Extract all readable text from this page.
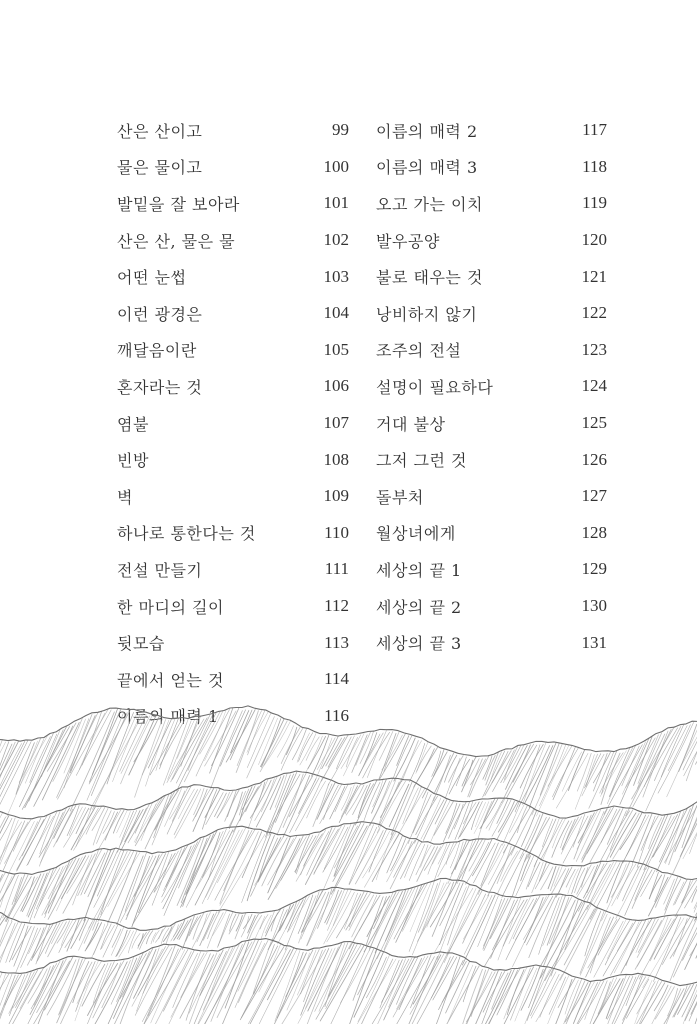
산은 산이고	99
물은 물이고	100
발밑을 잘 보아라	101
산은 산, 물은 물	102
어떤 눈썹	103
이런 광경은	104
깨달음이란	105
혼자라는 것	106
염불	107
빈방	108
벽	109
하나로 통한다는 것	110
전설 만들기	111
한 마디의 길이	112
뒷모습	113
끝에서 얻는 것	114
이름의 매력 1	116
이름의 매력 2	117
이름의 매력 3	118
오고 가는 이치	119
발우공양	120
불로 태우는 것	121
낭비하지 않기	122
조주의 전설	123
설명이 필요하다	124
거대 불상	125
그저 그런 것	126
돌부처	127
월상녀에게	128
세상의 끝 1	129
세상의 끝 2	130
세상의 끝 3	131
